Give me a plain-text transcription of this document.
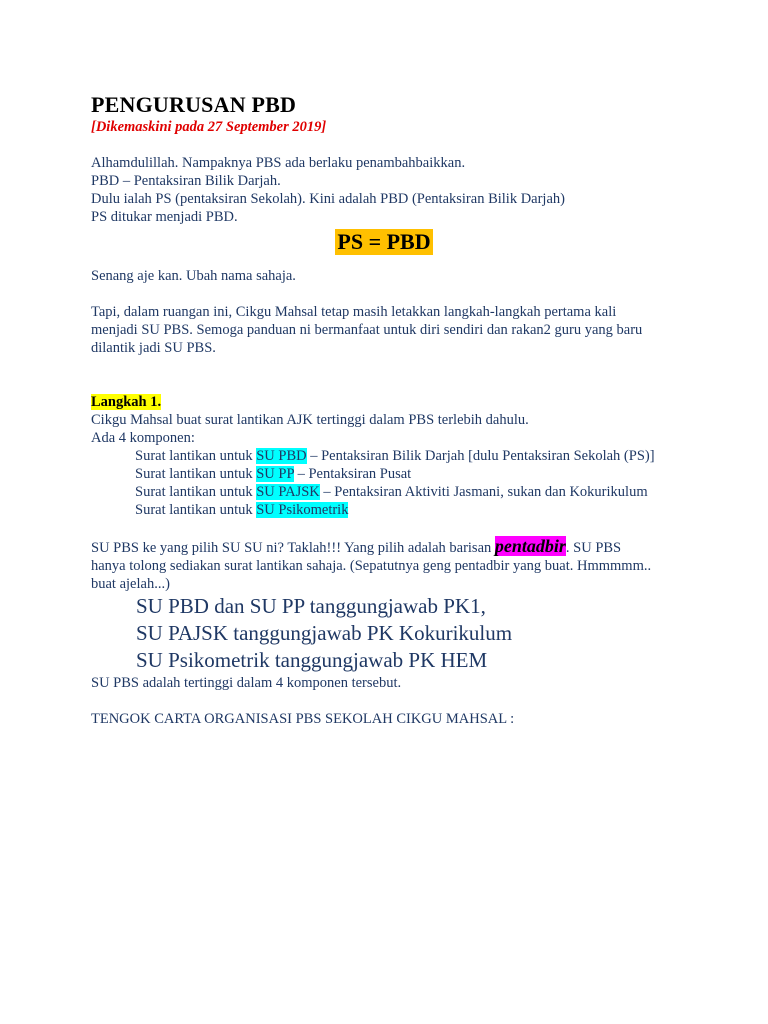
PENGURUSAN PBD
[Dikemaskini pada 27 September 2019]
Alhamdulillah. Nampaknya PBS ada berlaku penambahbaikkan.
PBD – Pentaksiran Bilik Darjah.
Dulu ialah PS (pentaksiran Sekolah). Kini adalah PBD (Pentaksiran Bilik Darjah)
PS ditukar menjadi PBD.
PS = PBD
Senang aje kan. Ubah nama sahaja.
Tapi, dalam ruangan ini, Cikgu Mahsal tetap masih letakkan langkah-langkah pertama kali
menjadi SU PBS. Semoga panduan ni bermanfaat untuk diri sendiri dan rakan2 guru yang baru
dilantik jadi SU PBS.
Langkah 1.
Cikgu Mahsal buat surat lantikan AJK tertinggi dalam PBS terlebih dahulu.
Ada 4 komponen:
Surat lantikan untuk SU PBD – Pentaksiran Bilik Darjah [dulu Pentaksiran Sekolah (PS)]
Surat lantikan untuk SU PP – Pentaksiran Pusat
Surat lantikan untuk SU PAJSK – Pentaksiran Aktiviti Jasmani, sukan dan Kokurikulum
Surat lantikan untuk SU Psikometrik
SU PBS ke yang pilih SU SU ni? Taklah!!! Yang pilih adalah barisan pentadbir. SU PBS
hanya tolong sediakan surat lantikan sahaja. (Sepatutnya geng pentadbir yang buat. Hmmmmm..
buat ajelah...)
SU PBD dan SU PP tanggungjawab PK1,
SU PAJSK tanggungjawab PK Kokurikulum
SU Psikometrik tanggungjawab PK HEM
SU PBS adalah tertinggi dalam 4 komponen tersebut.
TENGOK CARTA ORGANISASI PBS SEKOLAH CIKGU MAHSAL :
